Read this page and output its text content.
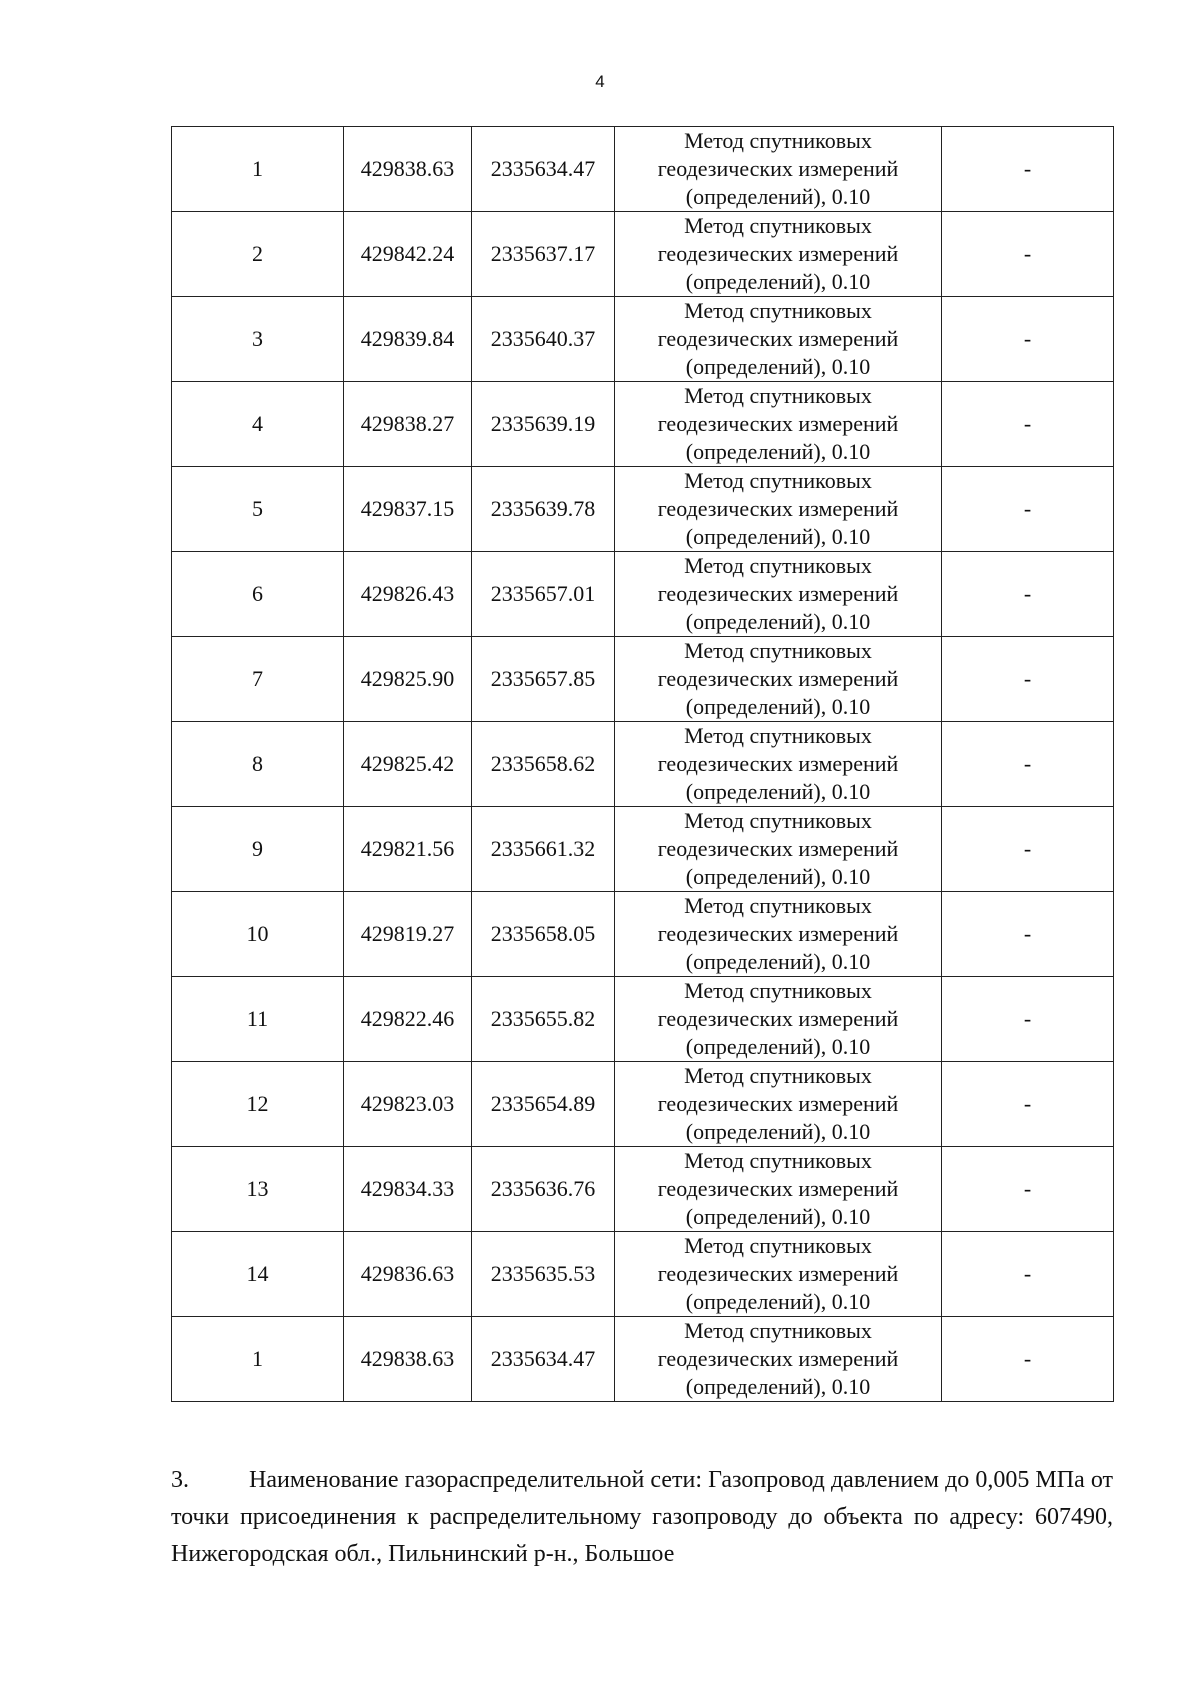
4
1	429838.63	2335634.47	Метод спутниковых
геодезических измерений
(определений), 0.10	-
2	429842.24	2335637.17	Метод спутниковых
геодезических измерений
(определений), 0.10	-
3	429839.84	2335640.37	Метод спутниковых
геодезических измерений
(определений), 0.10	-
4	429838.27	2335639.19	Метод спутниковых
геодезических измерений
(определений), 0.10	-
5	429837.15	2335639.78	Метод спутниковых
геодезических измерений
(определений), 0.10	-
6	429826.43	2335657.01	Метод спутниковых
геодезических измерений
(определений), 0.10	-
7	429825.90	2335657.85	Метод спутниковых
геодезических измерений
(определений), 0.10	-
8	429825.42	2335658.62	Метод спутниковых
геодезических измерений
(определений), 0.10	-
9	429821.56	2335661.32	Метод спутниковых
геодезических измерений
(определений), 0.10	-
10	429819.27	2335658.05	Метод спутниковых
геодезических измерений
(определений), 0.10	-
11	429822.46	2335655.82	Метод спутниковых
геодезических измерений
(определений), 0.10	-
12	429823.03	2335654.89	Метод спутниковых
геодезических измерений
(определений), 0.10	-
13	429834.33	2335636.76	Метод спутниковых
геодезических измерений
(определений), 0.10	-
14	429836.63	2335635.53	Метод спутниковых
геодезических измерений
(определений), 0.10	-
1	429838.63	2335634.47	Метод спутниковых
геодезических измерений
(определений), 0.10	-
3.	Наименование газораспределительной сети: Газопровод давлением до 0,005 МПа от точки присоединения к распределительному газопроводу до объекта по адресу: 607490, Нижегородская обл., Пильнинский р-н., Большое
